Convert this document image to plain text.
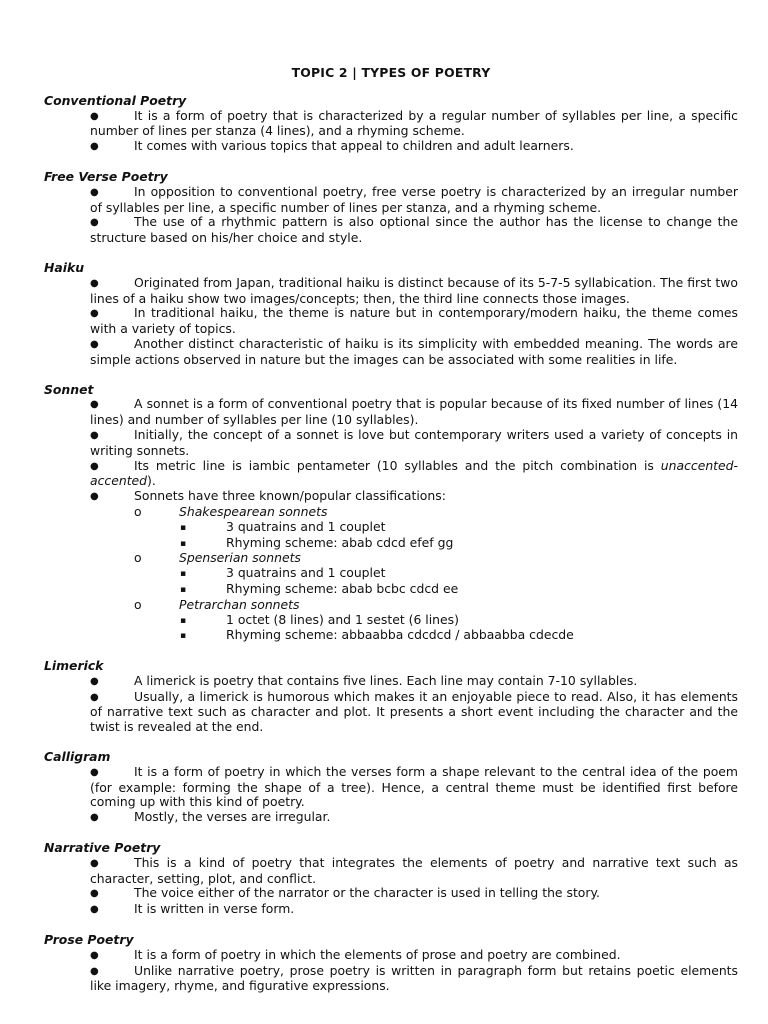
TOPIC 2 | TYPES OF POETRY

Conventional Poetry

●	It is a form of poetry that is characterized by a regular number of syllables per line, a specific number of lines per stanza (4 lines), and a rhyming scheme.

●	It comes with various topics that appeal to children and adult learners.

Free Verse Poetry

●	In opposition to conventional poetry, free verse poetry is characterized by an irregular number of syllables per line, a specific number of lines per stanza, and a rhyming scheme.

●	The use of a rhythmic pattern is also optional since the author has the license to change the structure based on his/her choice and style.

Haiku

●	Originated from Japan, traditional haiku is distinct because of its 5-7-5 syllabication. The first two lines of a haiku show two images/concepts; then, the third line connects those images.

●	In traditional haiku, the theme is nature but in contemporary/modern haiku, the theme comes with a variety of topics.

●	Another distinct characteristic of haiku is its simplicity with embedded meaning. The words are simple actions observed in nature but the images can be associated with some realities in life.

Sonnet

●	A sonnet is a form of conventional poetry that is popular because of its fixed number of lines (14 lines) and number of syllables per line (10 syllables).

●	Initially, the concept of a sonnet is love but contemporary writers used a variety of concepts in writing sonnets.

●	Its metric line is iambic pentameter (10 syllables and the pitch combination is unaccented-accented).

●	Sonnets have three known/popular classifications:

o	Shakespearean sonnets

▪	3 quatrains and 1 couplet

▪	Rhyming scheme: abab cdcd efef gg

o	Spenserian sonnets

▪	3 quatrains and 1 couplet

▪	Rhyming scheme: abab bcbc cdcd ee

o	Petrarchan sonnets

▪	1 octet (8 lines) and 1 sestet (6 lines)

▪	Rhyming scheme: abbaabba cdcdcd / abbaabba cdecde

Limerick

●	A limerick is poetry that contains five lines. Each line may contain 7-10 syllables.

●	Usually, a limerick is humorous which makes it an enjoyable piece to read. Also, it has elements of narrative text such as character and plot. It presents a short event including the character and the twist is revealed at the end.

Calligram

●	It is a form of poetry in which the verses form a shape relevant to the central idea of the poem (for example: forming the shape of a tree). Hence, a central theme must be identified first before coming up with this kind of poetry.

●	Mostly, the verses are irregular.

Narrative Poetry

●	This is a kind of poetry that integrates the elements of poetry and narrative text such as character, setting, plot, and conflict.

●	The voice either of the narrator or the character is used in telling the story.

●	It is written in verse form.

Prose Poetry

●	It is a form of poetry in which the elements of prose and poetry are combined.

●	Unlike narrative poetry, prose poetry is written in paragraph form but retains poetic elements like imagery, rhyme, and figurative expressions.
